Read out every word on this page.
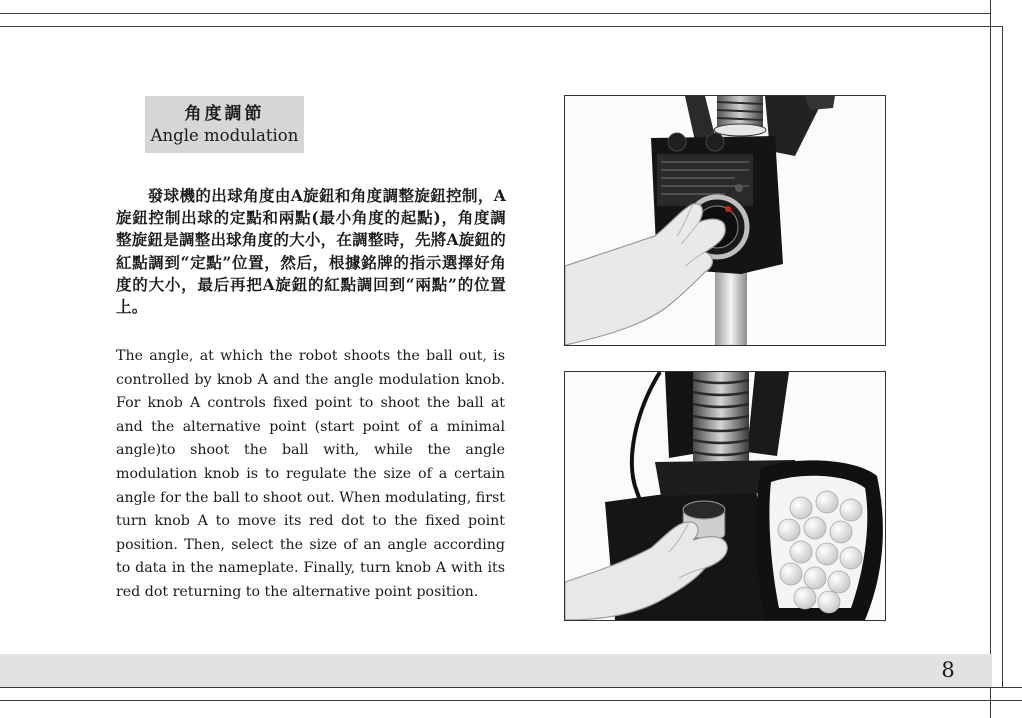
8
角度調節
Angle modulation

　　發球機的出球角度由A旋鈕和角度調整旋鈕控制，A旋鈕控制出球的定點和兩點(最小角度的起點)，角度調整旋鈕是調整出球角度的大小，在調整時，先將A旋鈕的紅點調到“定點”位置，然后，根據銘牌的指示選擇好角度的大小，最后再把A旋鈕的紅點調回到“兩點”的位置上。

The angle, at which the robot shoots the ball out, is controlled by knob A and the angle modulation knob. For knob A controls fixed point to shoot the ball at and the alternative point (start point of a minimal angle)to shoot the ball with, while the angle modulation knob is to regulate the size of a certain angle for the ball to shoot out. When modulating, first turn knob A to move its red dot to the fixed point position. Then, select the size of an angle according to data in the nameplate. Finally, turn knob A with its red dot returning to the alternative point position.
